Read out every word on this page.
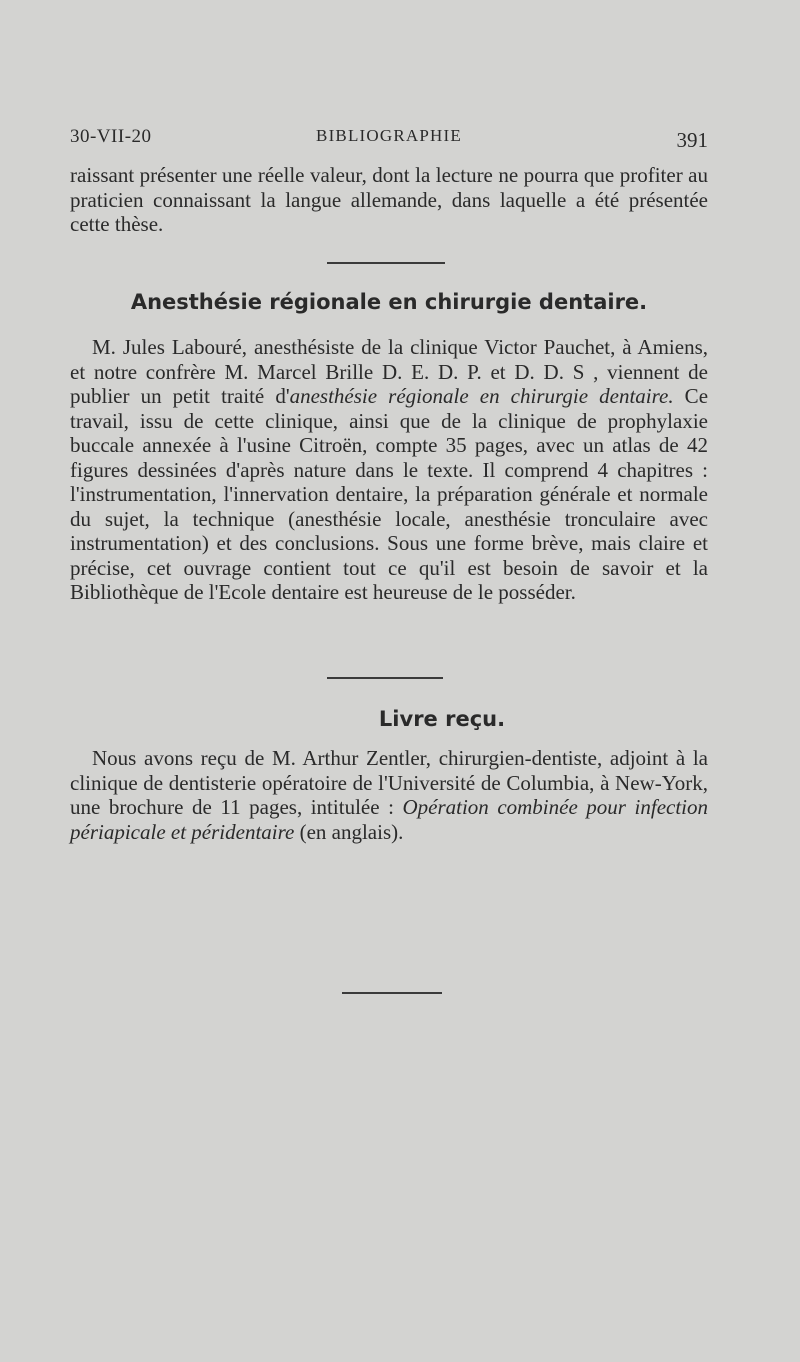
30-VII-20	BIBLIOGRAPHIE	391

raissant présenter une réelle valeur, dont la lecture ne pourra que profiter au praticien connaissant la langue allemande, dans laquelle a été présentée cette thèse.

Anesthésie régionale en chirurgie dentaire.

M. Jules Labouré, anesthésiste de la clinique Victor Pauchet, à Amiens, et notre confrère M. Marcel Brille D. E. D. P. et D. D. S , viennent de publier un petit traité d'anesthésie régionale en chirurgie dentaire. Ce travail, issu de cette clinique, ainsi que de la clinique de prophylaxie buccale annexée à l'usine Citroën, compte 35 pages, avec un atlas de 42 figures dessinées d'après nature dans le texte. Il comprend 4 chapitres : l'instrumentation, l'innervation dentaire, la préparation générale et normale du sujet, la technique (anesthésie locale, anesthésie tronculaire avec instrumentation) et des conclusions. Sous une forme brève, mais claire et précise, cet ouvrage contient tout ce qu'il est besoin de savoir et la Bibliothèque de l'Ecole dentaire est heureuse de le posséder.

Livre reçu.

Nous avons reçu de M. Arthur Zentler, chirurgien-dentiste, adjoint à la clinique de dentisterie opératoire de l'Université de Columbia, à New-York, une brochure de 11 pages, intitulée : Opération combinée pour infection périapicale et péridentaire (en anglais).
